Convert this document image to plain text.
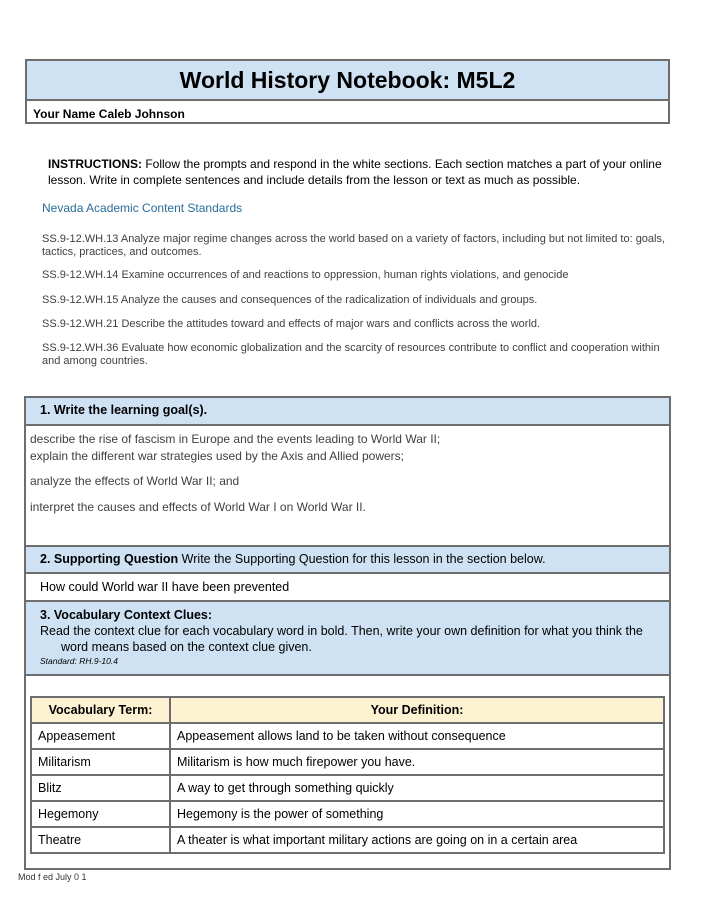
World History Notebook: M5L2
Your Name Caleb Johnson
INSTRUCTIONS: Follow the prompts and respond in the white sections. Each section matches a part of your online lesson. Write in complete sentences and include details from the lesson or text as much as possible.
Nevada Academic Content Standards
SS.9-12.WH.13 Analyze major regime changes across the world based on a variety of factors, including but not limited to: goals, tactics, practices, and outcomes.
SS.9-12.WH.14 Examine occurrences of and reactions to oppression, human rights violations, and genocide
SS.9-12.WH.15 Analyze the causes and consequences of the radicalization of individuals and groups.
SS.9-12.WH.21 Describe the attitudes toward and effects of major wars and conflicts across the world.
SS.9-12.WH.36 Evaluate how economic globalization and the scarcity of resources contribute to conflict and cooperation within and among countries.
1. Write the learning goal(s).
describe the rise of fascism in Europe and the events leading to World War II;
explain the different war strategies used by the Axis and Allied powers;
analyze the effects of World War II; and
interpret the causes and effects of World War I on World War II.
2. Supporting Question Write the Supporting Question for this lesson in the section below.
How could World war II have been prevented
3. Vocabulary Context Clues:
Read the context clue for each vocabulary word in bold. Then, write your own definition for what you think the word means based on the context clue given.
Standard: RH.9-10.4
Vocabulary Term:	Your Definition:
Appeasement	Appeasement allows land to be taken without consequence
Militarism	Militarism is how much firepower you have.
Blitz	A way to get through something quickly
Hegemony	Hegemony is the power of something
Theatre	A theater is what important military actions are going on in a certain area
Mod f ed July 0 1
